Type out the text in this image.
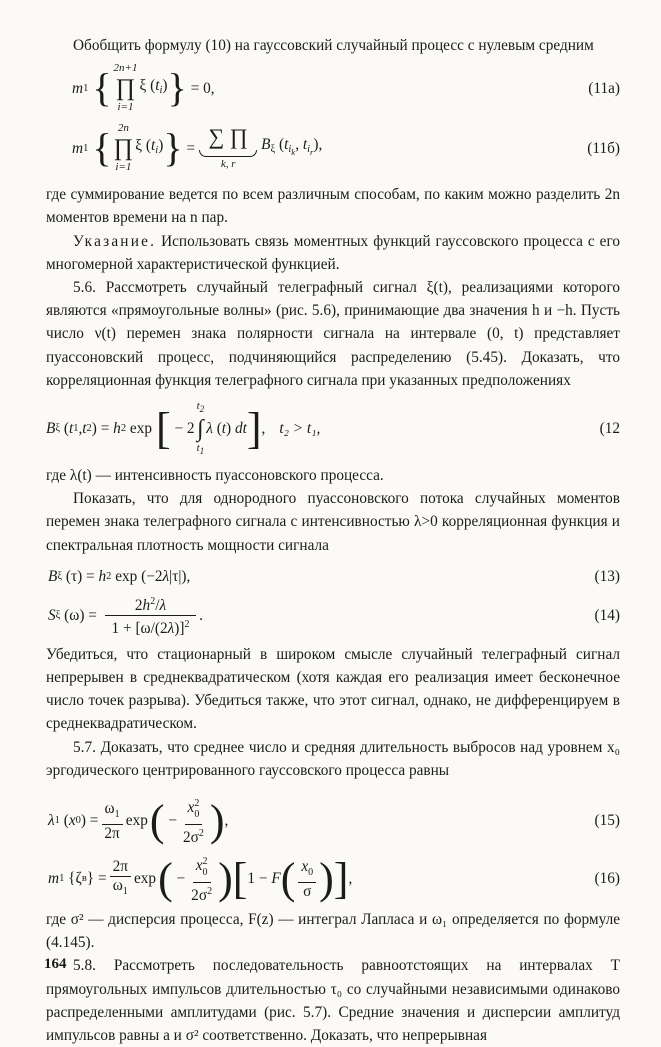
Обобщить формулу (10) на гауссовский случайный процесс с нулевым средним
m 1 { 2n+1
∏
i=1
ξ $(t_i)$ } = 0,	(11а)
m 1 { 2n
∏
i=1
ξ $(t_i)$ } = ∑ ∏
k, r
$B_\xi$ ($t_{i_k}$, $t_{i_r}$),	(11б)
где суммирование ведется по всем различным способам, по каким можно разделить 2n моментов времени на n пар.
Указание. Использовать связь моментных функций гауссовского процесса с его многомерной характеристической функцией.
5.6. Рассмотреть случайный телеграфный сигнал ξ(t), реализациями которого являются «прямоугольные волны» (рис. 5.6), принимающие два значения h и −h. Пусть число ν(t) перемен знака полярности сигнала на интервале (0, t) представляет пуассоновский процесс, подчиняющийся распределению (5.45). Доказать, что корреляционная функция телеграфного сигнала при указанных предположениях
B ξ ( t 1 , t 2 ) = h 2 exp [ − 2
$t_2$
∫
$t_1$
λ (t) dt ] , t₂ > t₁,	(12
где λ(t) — интенсивность пуассоновского процесса.
Показать, что для однородного пуассоновского потока случайных моментов перемен знака телеграфного сигнала с интенсивностью λ>0 корреляционная функция и спектральная плотность мощности сигнала
B ξ (τ) = h 2 exp (−2 λ |τ|),	(13)
S ξ $(\omega) = \frac{2h^2/\lambda}{1 + [\omega/(2\lambda)]^2}$ .	(14)
Убедиться, что стационарный в широком смысле случайный телеграфный сигнал непрерывен в среднеквадратическом (хотя каждая его реализация имеет бесконечное число точек разрыва). Убедиться также, что этот сигнал, однако, не дифференцируем в среднеквадратическом.
5.7. Доказать, что среднее число и средняя длительность выбросов над уровнем x₀ эргодического центрированного гауссовского процесса равны
λ 1 ( x 0 ) = $\frac{\omega_1}{2\pi}$ exp ( − $\frac{x^2_0}{2\sigma^2}$ ) ,	(15)
m 1 {ζ в } = $\frac{2\pi}{\omega_1}$ exp ( − $\frac{x^2_0}{2\sigma^2}$ ) [ 1 − F ( $\frac{x_0}{\sigma}$ ) ] ,	(16)
где σ² — дисперсия процесса, F(z) — интеграл Лапласа и ω₁ определяется по формуле (4.145).
5.8. Рассмотреть последовательность равноотстоящих на интервалах T прямоугольных импульсов длительностью τ₀ со случайными независимыми одинаково распределенными амплитудами (рис. 5.7). Средние значения и дисперсии амплитуд импульсов равны a и σ² соответственно. Доказать, что непрерывная
164
